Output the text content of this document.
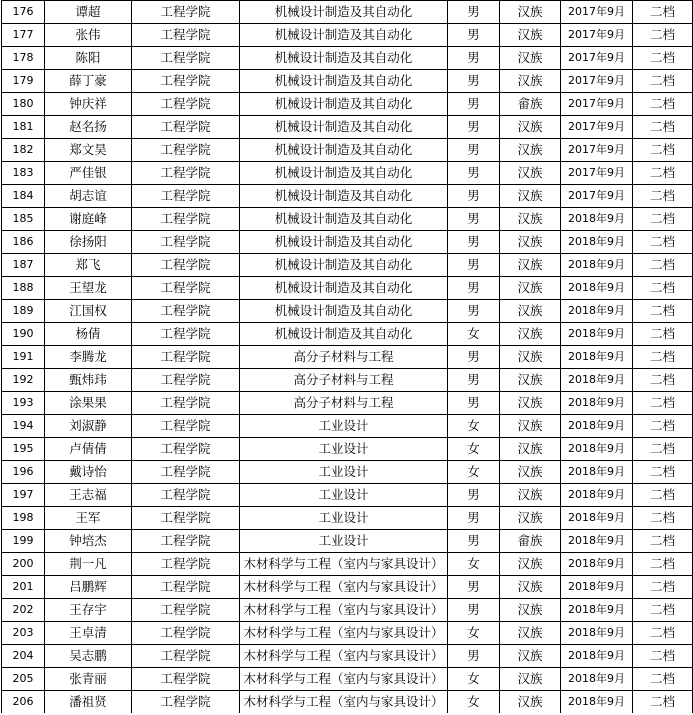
176	谭超	工程学院	机械设计制造及其自动化	男	汉族	2017年9月	二档
177	张伟	工程学院	机械设计制造及其自动化	男	汉族	2017年9月	二档
178	陈阳	工程学院	机械设计制造及其自动化	男	汉族	2017年9月	二档
179	薛丁豪	工程学院	机械设计制造及其自动化	男	汉族	2017年9月	二档
180	钟庆祥	工程学院	机械设计制造及其自动化	男	畲族	2017年9月	二档
181	赵名扬	工程学院	机械设计制造及其自动化	男	汉族	2017年9月	二档
182	郑文昊	工程学院	机械设计制造及其自动化	男	汉族	2017年9月	二档
183	严佳银	工程学院	机械设计制造及其自动化	男	汉族	2017年9月	二档
184	胡志谊	工程学院	机械设计制造及其自动化	男	汉族	2017年9月	二档
185	谢庭峰	工程学院	机械设计制造及其自动化	男	汉族	2018年9月	二档
186	徐扬阳	工程学院	机械设计制造及其自动化	男	汉族	2018年9月	二档
187	郑飞	工程学院	机械设计制造及其自动化	男	汉族	2018年9月	二档
188	王望龙	工程学院	机械设计制造及其自动化	男	汉族	2018年9月	二档
189	江国权	工程学院	机械设计制造及其自动化	男	汉族	2018年9月	二档
190	杨倩	工程学院	机械设计制造及其自动化	女	汉族	2018年9月	二档
191	李腾龙	工程学院	高分子材料与工程	男	汉族	2018年9月	二档
192	甄炜玮	工程学院	高分子材料与工程	男	汉族	2018年9月	二档
193	涂果果	工程学院	高分子材料与工程	男	汉族	2018年9月	二档
194	刘淑静	工程学院	工业设计	女	汉族	2018年9月	二档
195	卢倩倩	工程学院	工业设计	女	汉族	2018年9月	二档
196	戴诗怡	工程学院	工业设计	女	汉族	2018年9月	二档
197	王志福	工程学院	工业设计	男	汉族	2018年9月	二档
198	王军	工程学院	工业设计	男	汉族	2018年9月	二档
199	钟培杰	工程学院	工业设计	男	畲族	2018年9月	二档
200	荆一凡	工程学院	木材科学与工程（室内与家具设计）	女	汉族	2018年9月	二档
201	吕鹏辉	工程学院	木材科学与工程（室内与家具设计）	男	汉族	2018年9月	二档
202	王存宇	工程学院	木材科学与工程（室内与家具设计）	男	汉族	2018年9月	二档
203	王卓清	工程学院	木材科学与工程（室内与家具设计）	女	汉族	2018年9月	二档
204	吴志鹏	工程学院	木材科学与工程（室内与家具设计）	男	汉族	2018年9月	二档
205	张青丽	工程学院	木材科学与工程（室内与家具设计）	女	汉族	2018年9月	二档
206	潘祖贤	工程学院	木材科学与工程（室内与家具设计）	女	汉族	2018年9月	二档
